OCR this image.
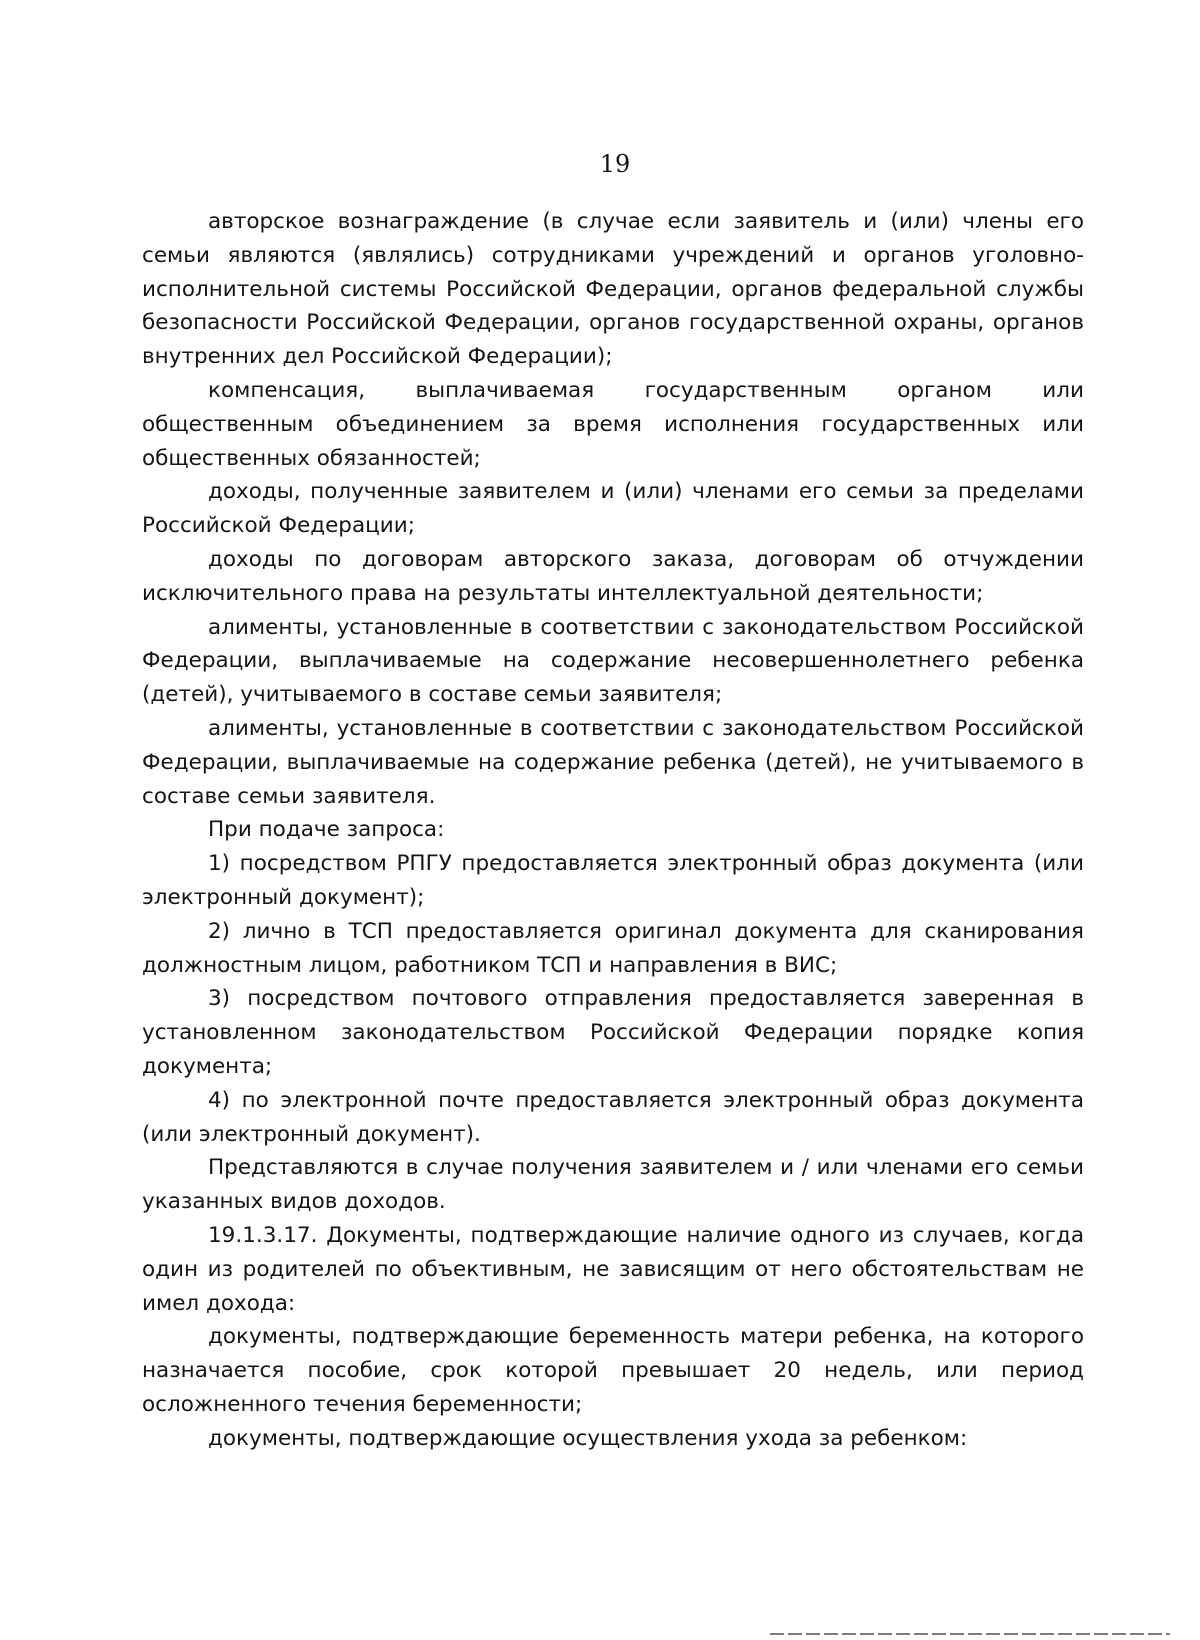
19

авторское вознаграждение (в случае если заявитель и (или) члены его семьи являются (являлись) сотрудниками учреждений и органов уголовно-исполнительной системы Российской Федерации, органов федеральной службы безопасности Российской Федерации, органов государственной охраны, органов внутренних дел Российской Федерации);

компенсация, выплачиваемая государственным органом или общественным объединением за время исполнения государственных или общественных обязанностей;

доходы, полученные заявителем и (или) членами его семьи за пределами Российской Федерации;

доходы по договорам авторского заказа, договорам об отчуждении исключительного права на результаты интеллектуальной деятельности;

алименты, установленные в соответствии с законодательством Российской Федерации, выплачиваемые на содержание несовершеннолетнего ребенка (детей), учитываемого в составе семьи заявителя;

алименты, установленные в соответствии с законодательством Российской Федерации, выплачиваемые на содержание ребенка (детей), не учитываемого в составе семьи заявителя.

При подаче запроса:

1) посредством РПГУ предоставляется электронный образ документа (или электронный документ);

2) лично в ТСП предоставляется оригинал документа для сканирования должностным лицом, работником ТСП и направления в ВИС;

3) посредством почтового отправления предоставляется заверенная в установленном законодательством Российской Федерации порядке копия документа;

4) по электронной почте предоставляется электронный образ документа (или электронный документ).

Представляются в случае получения заявителем и / или членами его семьи указанных видов доходов.

19.1.3.17. Документы, подтверждающие наличие одного из случаев, когда один из родителей по объективным, не зависящим от него обстоятельствам не имел дохода:

документы, подтверждающие беременность матери ребенка, на которого назначается пособие, срок которой превышает 20 недель, или период осложненного течения беременности;

документы, подтверждающие осуществления ухода за ребенком:
